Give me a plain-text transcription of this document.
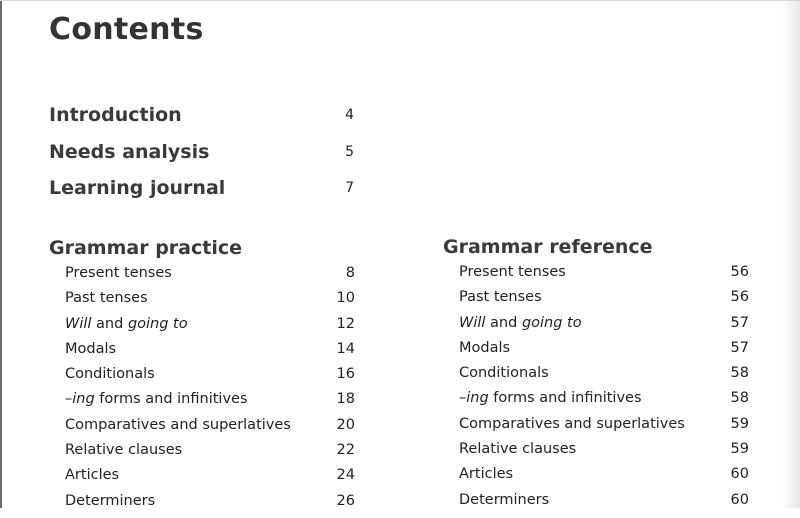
Contents
Introduction	4
Needs analysis	5
Learning journal	7
Grammar practice	Grammar reference
Present tenses	8
Past tenses	10
Will and going to	12
Modals	14
Conditionals	16
–ing forms and infinitives	18
Comparatives and superlatives	20
Relative clauses	22
Articles	24
Determiners	26
Present tenses	56
Past tenses	56
Will and going to	57
Modals	57
Conditionals	58
–ing forms and infinitives	58
Comparatives and superlatives	59
Relative clauses	59
Articles	60
Determiners	60
